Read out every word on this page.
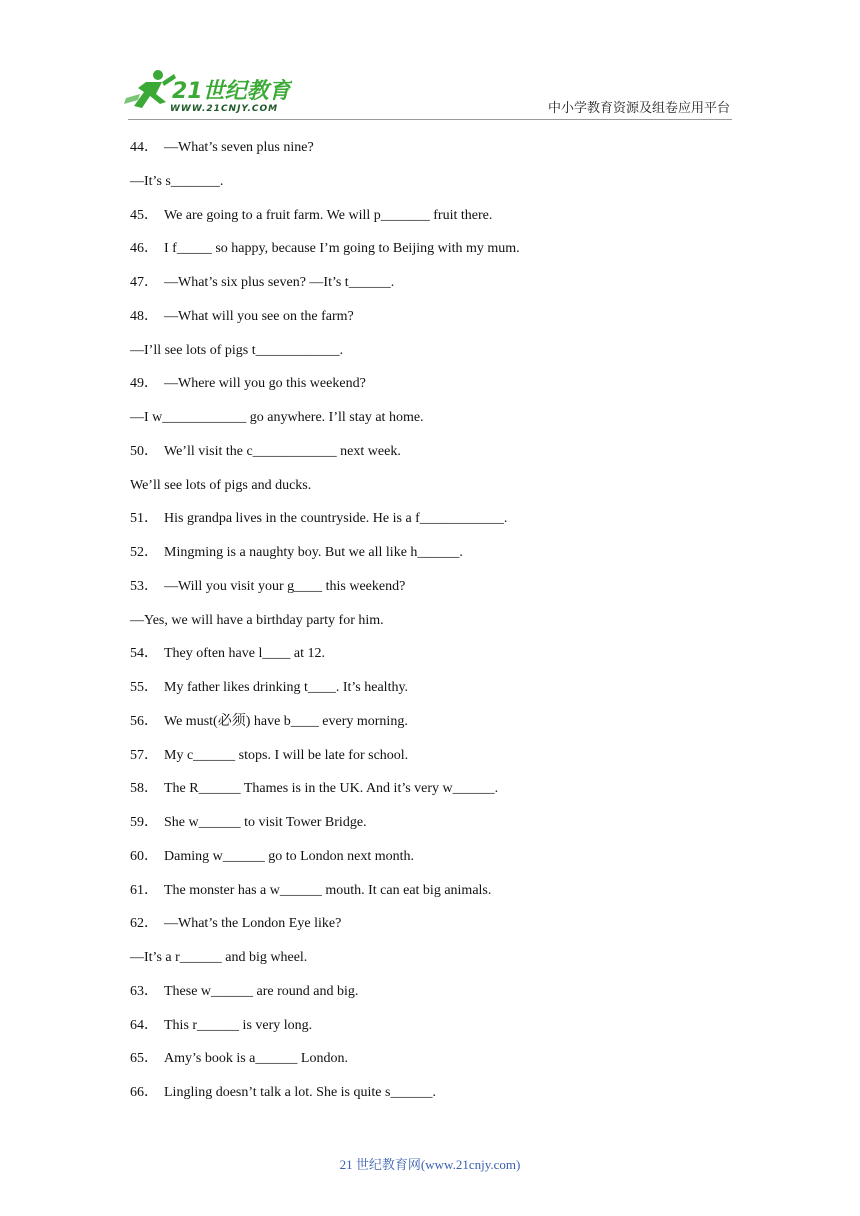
21世纪教育
WWW.21CNJY.COM	中小学教育资源及组卷应用平台
44． —What’s seven plus nine?
—It’s s_______.
45． We are going to a fruit farm. We will p_______ fruit there.
46． I f_____ so happy, because I’m going to Beijing with my mum.
47． —What’s six plus seven? —It’s t______.
48． —What will you see on the farm?
—I’ll see lots of pigs t____________.
49． —Where will you go this weekend?
—I w____________ go anywhere. I’ll stay at home.
50． We’ll visit the c____________ next week.
We’ll see lots of pigs and ducks.
51． His grandpa lives in the countryside. He is a f____________.
52． Mingming is a naughty boy. But we all like h______.
53． —Will you visit your g____ this weekend?
—Yes, we will have a birthday party for him.
54． They often have l____ at 12.
55． My father likes drinking t____. It’s healthy.
56． We must(必须) have b____ every morning.
57． My c______ stops. I will be late for school.
58． The R______ Thames is in the UK. And it’s very w______.
59． She w______ to visit Tower Bridge.
60． Daming w______ go to London next month.
61． The monster has a w______ mouth. It can eat big animals.
62． —What’s the London Eye like?
—It’s a r______ and big wheel.
63． These w______ are round and big.
64． This r______ is very long.
65． Amy’s book is a______ London.
66． Lingling doesn’t talk a lot. She is quite s______.
21 世纪教育网(www.21cnjy.com)
